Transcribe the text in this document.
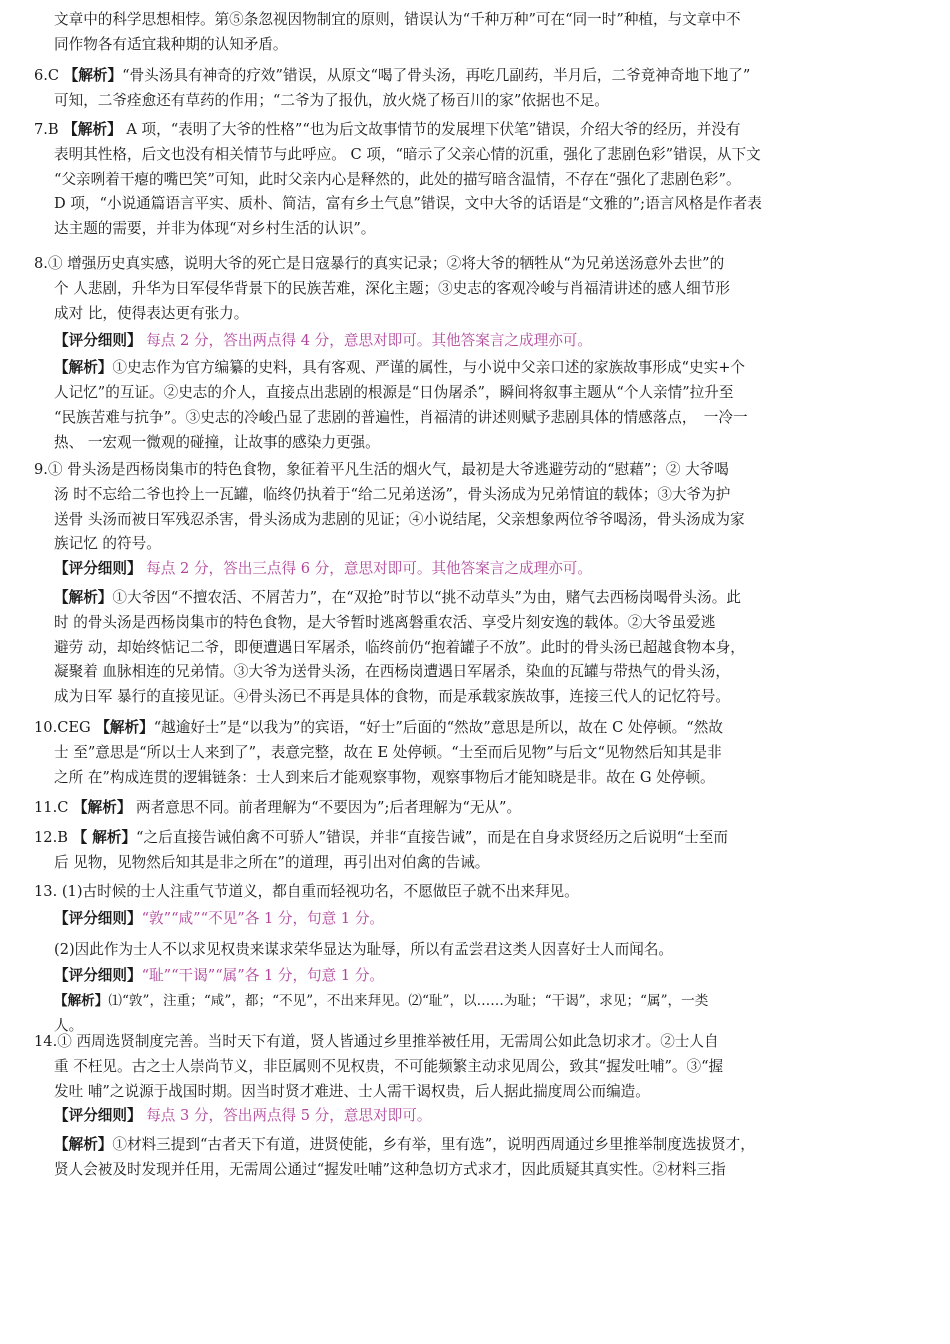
文章中的科学思想相悖。第⑤条忽视因物制宜的原则，错误认为“千种万种”可在“同一时”种植，与文章中不

同作物各有适宜栽种期的认知矛盾。

6.C 【解析】“骨头汤具有神奇的疗效”错误，从原文“喝了骨头汤，再吃几副药，半月后，二爷竟神奇地下地了”

可知，二爷痊愈还有草药的作用；“二爷为了报仇，放火烧了杨百川的家”依据也不足。

7.B 【解析】 A 项，“表明了大爷的性格”“也为后文故事情节的发展埋下伏笔”错误，介绍大爷的经历，并没有

表明其性格，后文也没有相关情节与此呼应。 C 项，“暗示了父亲心情的沉重，强化了悲剧色彩”错误，从下文

“父亲咧着干瘪的嘴巴笑”可知，此时父亲内心是释然的，此处的描写暗含温情，不存在“强化了悲剧色彩”。

D 项，“小说通篇语言平实、质朴、简洁，富有乡土气息”错误，文中大爷的话语是“文雅的”;语言风格是作者表

达主题的需要，并非为体现“对乡村生活的认识”。

8.① 增强历史真实感，说明大爷的死亡是日寇暴行的真实记录；②将大爷的牺牲从“为兄弟送汤意外去世”的

个 人悲剧，升华为日军侵华背景下的民族苦难，深化主题；③史志的客观冷峻与肖福清讲述的感人细节形

成对 比，使得表达更有张力。

【评分细则】 每点 2 分，答出两点得 4 分，意思对即可。其他答案言之成理亦可。

【解析】①史志作为官方编纂的史料，具有客观、严谨的属性，与小说中父亲口述的家族故事形成“史实+个

人记忆”的互证。②史志的介人，直接点出悲剧的根源是“日伪屠杀”，瞬间将叙事主题从“个人亲情”拉升至

“民族苦难与抗争”。③史志的冷峻凸显了悲剧的普遍性，肖福清的讲述则赋予悲剧具体的情感落点，　一冷一

热、 一宏观一微观的碰撞，让故事的感染力更强。

9.① 骨头汤是西杨岗集市的特色食物，象征着平凡生活的烟火气，最初是大爷逃避劳动的“慰藉”；② 大爷喝

汤 时不忘给二爷也拎上一瓦罐，临终仍执着于“给二兄弟送汤”，骨头汤成为兄弟情谊的载体；③大爷为护

送骨 头汤而被日军残忍杀害，骨头汤成为悲剧的见证；④小说结尾，父亲想象两位爷爷喝汤，骨头汤成为家

族记忆 的符号。

【评分细则】 每点 2 分，答出三点得 6 分，意思对即可。其他答案言之成理亦可。

【解析】①大爷因“不擅农活、不屑苦力”，在“双抢”时节以“挑不动草头”为由，赌气去西杨岗喝骨头汤。此

时 的骨头汤是西杨岗集市的特色食物，是大爷暂时逃离磐重农活、享受片刻安逸的载体。②大爷虽爱逃

避劳 动，却始终惦记二爷，即便遭遇日军屠杀，临终前仍“抱着罐子不放”。此时的骨头汤已超越食物本身，

凝聚着 血脉相连的兄弟情。③大爷为送骨头汤，在西杨岗遭遇日军屠杀，染血的瓦罐与带热气的骨头汤，

成为日军 暴行的直接见证。④骨头汤已不再是具体的食物，而是承载家族故事，连接三代人的记忆符号。

10.CEG 【解析】“越逾好士”是“以我为”的宾语，“好士”后面的“然故”意思是所以，故在 C 处停顿。“然故

士 至”意思是“所以士人来到了”，表意完整，故在 E 处停顿。“士至而后见物”与后文“见物然后知其是非

之所 在”构成连贯的逻辑链条：士人到来后才能观察事物，观察事物后才能知晓是非。故在 G 处停顿。

11.C 【解析】 两者意思不同。前者理解为“不要因为”;后者理解为“无从”。

12.B 【 解析】“之后直接告诫伯禽不可骄人”错误，并非“直接告诫”，而是在自身求贤经历之后说明“士至而

后 见物，见物然后知其是非之所在”的道理，再引出对伯禽的告诫。

13. (1)古时候的士人注重气节道义，都自重而轻视功名，不愿做臣子就不出来拜见。

【评分细则】“敦”“咸”“不见”各 1 分，句意 1 分。

(2)因此作为士人不以求见权贵来谋求荣华显达为耻辱，所以有孟尝君这类人因喜好士人而闻名。

【评分细则】“耻”“干谒”“属”各 1 分，句意 1 分。

【解析】⑴“敦”，注重；“咸”，都；“不见”，不出来拜见。⑵“耻”，以……为耻；“干谒”，求见；“属”，一类

人。

14.① 西周选贤制度完善。当时天下有道，贤人皆通过乡里推举被任用，无需周公如此急切求才。②士人自

重 不枉见。古之士人崇尚节义，非臣属则不见权贵，不可能频繁主动求见周公，致其“握发吐哺”。③“握

发吐 哺”之说源于战国时期。因当时贤才难进、士人需干谒权贵，后人据此揣度周公而编造。

【评分细则】 每点 3 分，答出两点得 5 分，意思对即可。

【解析】①材料三提到“古者天下有道，进贤使能，乡有举，里有选”，说明西周通过乡里推举制度选拔贤才，

贤人会被及时发现并任用，无需周公通过“握发吐哺”这种急切方式求才，因此质疑其真实性。②材料三指
